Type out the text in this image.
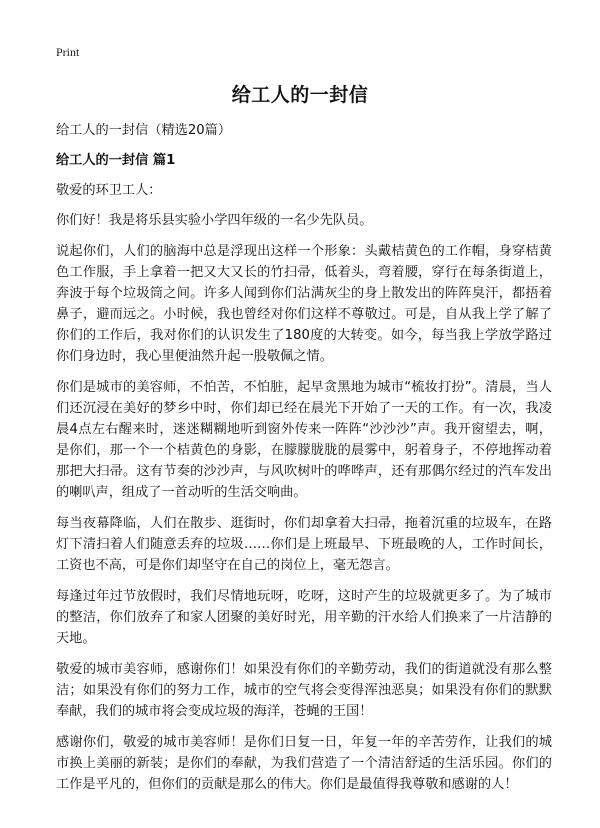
Print
给工人的一封信

给工人的一封信（精选20篇）

给工人的一封信 篇1

敬爱的环卫工人：

你们好！我是将乐县实验小学四年级的一名少先队员。

说起你们，人们的脑海中总是浮现出这样一个形象：头戴桔黄色的工作帽，身穿桔黄色工作服，手上拿着一把又大又长的竹扫帚，低着头，弯着腰，穿行在每条街道上，奔波于每个垃圾筒之间。许多人闻到你们沾满灰尘的身上散发出的阵阵臭汗，都捂着鼻子，避而远之。小时候，我也曾经对你们这样不尊敬过。可是，自从我上学了解了你们的工作后，我对你们的认识发生了180度的大转变。如今，每当我上学放学路过你们身边时，我心里便油然升起一股敬佩之情。

你们是城市的美容师，不怕苦，不怕脏，起早贪黑地为城市“梳妆打扮”。清晨，当人们还沉浸在美好的梦乡中时，你们却已经在晨光下开始了一天的工作。有一次，我凌晨4点左右醒来时，迷迷糊糊地听到窗外传来一阵阵“沙沙沙”声。我开窗望去，啊，是你们，那一个一个桔黄色的身影，在朦朦胧胧的晨雾中，躬着身子，不停地挥动着那把大扫帚。这有节奏的沙沙声，与风吹树叶的哗哗声，还有那偶尔经过的汽车发出的喇叭声，组成了一首动听的生活交响曲。

每当夜幕降临，人们在散步、逛街时，你们却拿着大扫帚，拖着沉重的垃圾车，在路灯下清扫着人们随意丢弃的垃圾……你们是上班最早、下班最晚的人，工作时间长，工资也不高，可是你们却坚守在自己的岗位上，毫无怨言。

每逢过年过节放假时，我们尽情地玩呀，吃呀，这时产生的垃圾就更多了。为了城市的整洁，你们放弃了和家人团聚的美好时光，用辛勤的汗水给人们换来了一片洁静的天地。

敬爱的城市美容师，感谢你们！如果没有你们的辛勤劳动，我们的街道就没有那么整洁；如果没有你们的努力工作，城市的空气将会变得浑浊恶臭；如果没有你们的默默奉献，我们的城市将会变成垃圾的海洋，苍蝇的王国！

感谢你们，敬爱的城市美容师！是你们日复一日，年复一年的辛苦劳作，让我们的城市换上美丽的新装；是你们的奉献，为我们营造了一个清洁舒适的生活乐园。你们的工作是平凡的，但你们的贡献是那么的伟大。你们是最值得我尊敬和感谢的人！
